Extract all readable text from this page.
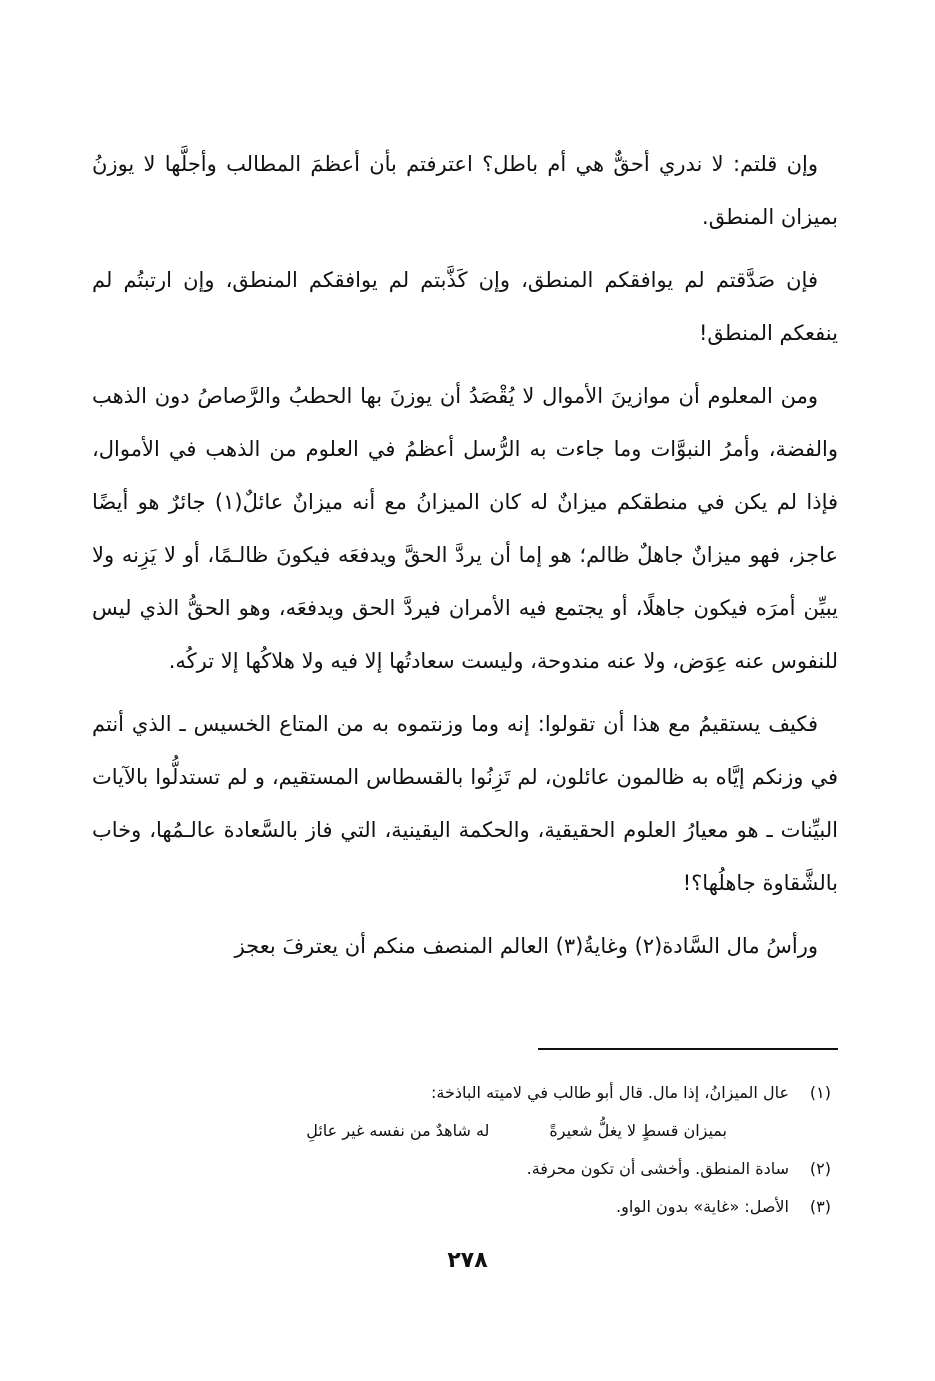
وإن قلتم: لا ندري أحقٌّ هي أم باطل؟ اعترفتم بأن أعظمَ المطالب وأجلَّها لا يوزنُ بميزان المنطق.

فإن صَدَّقتم لم يوافقكم المنطق، وإن كَذَّبتم لم يوافقكم المنطق، وإن ارتبتُم لم ينفعكم المنطق!

ومن المعلوم أن موازينَ الأموال لا يُقْصَدُ أن يوزنَ بها الحطبُ والرَّصاصُ دون الذهب والفضة، وأمرُ النبوَّات وما جاءت به الرُّسل أعظمُ في العلوم من الذهب في الأموال، فإذا لم يكن في منطقكم ميزانٌ له كان الميزانُ مع أنه ميزانٌ عائلٌ(١) جائرٌ هو أيضًا عاجز، فهو ميزانٌ جاهلٌ ظالم؛ هو إما أن يردَّ الحقَّ ويدفعَه فيكونَ ظالـمًا، أو لا يَزِنه ولا يبيِّن أمرَه فيكون جاهلًا، أو يجتمع فيه الأمران فيردَّ الحق ويدفعَه، وهو الحقُّ الذي ليس للنفوس عنه عِوَض، ولا عنه مندوحة، وليست سعادتُها إلا فيه ولا هلاكُها إلا تركُه.

فكيف يستقيمُ مع هذا أن تقولوا: إنه وما وزنتموه به من المتاع الخسيس ـ الذي أنتم في وزنكم إيَّاه به ظالمون عائلون، لم تَزِنُوا بالقسطاس المستقيم، و لم تستدلُّوا بالآيات البيِّنات ـ هو معيارُ العلوم الحقيقية، والحكمة اليقينية، التي فاز بالسَّعادة عالـمُها، وخاب بالشَّقاوة جاهلُها؟!

ورأسُ مال السَّادة(٢) وغايةُ(٣) العالم المنصف منكم أن يعترفَ بعجز

(١)
عال الميزانُ، إذا مال. قال أبو طالب في لاميته الباذخة:
بميزان قسطٍ لا يغلُّ شعيرةً
له شاهدٌ من نفسه غير عائلِ
(٢)
سادة المنطق. وأخشى أن تكون محرفة.
(٣)
الأصل: «غاية» بدون الواو.
٢٧٨
